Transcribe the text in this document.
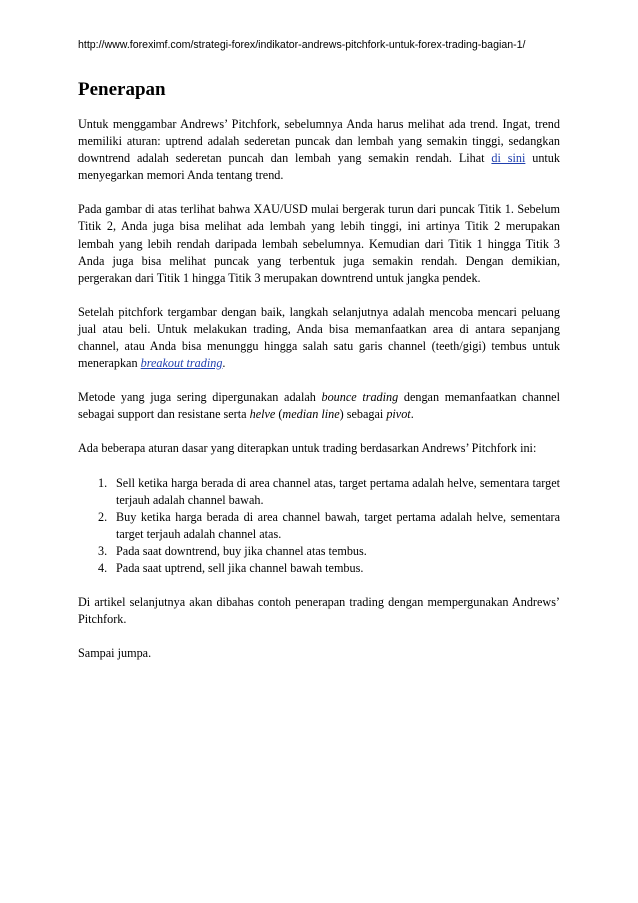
http://www.foreximf.com/strategi-forex/indikator-andrews-pitchfork-untuk-forex-trading-bagian-1/
Penerapan

Untuk menggambar Andrews’ Pitchfork, sebelumnya Anda harus melihat ada trend. Ingat, trend memiliki aturan: uptrend adalah sederetan puncak dan lembah yang semakin tinggi, sedangkan downtrend adalah sederetan puncah dan lembah yang semakin rendah. Lihat di sini untuk menyegarkan memori Anda tentang trend.

Pada gambar di atas terlihat bahwa XAU/USD mulai bergerak turun dari puncak Titik 1. Sebelum Titik 2, Anda juga bisa melihat ada lembah yang lebih tinggi, ini artinya Titik 2 merupakan lembah yang lebih rendah daripada lembah sebelumnya. Kemudian dari Titik 1 hingga Titik 3 Anda juga bisa melihat puncak yang terbentuk juga semakin rendah. Dengan demikian, pergerakan dari Titik 1 hingga Titik 3 merupakan downtrend untuk jangka pendek.

Setelah pitchfork tergambar dengan baik, langkah selanjutnya adalah mencoba mencari peluang jual atau beli. Untuk melakukan trading, Anda bisa memanfaatkan area di antara sepanjang channel, atau Anda bisa menunggu hingga salah satu garis channel (teeth/gigi) tembus untuk menerapkan breakout trading.

Metode yang juga sering dipergunakan adalah bounce trading dengan memanfaatkan channel sebagai support dan resistane serta helve (median line) sebagai pivot.

Ada beberapa aturan dasar yang diterapkan untuk trading berdasarkan Andrews’ Pitchfork ini:

1. Sell ketika harga berada di area channel atas, target pertama adalah helve, sementara target terjauh adalah channel bawah.
2. Buy ketika harga berada di area channel bawah, target pertama adalah helve, sementara target terjauh adalah channel atas.
3. Pada saat downtrend, buy jika channel atas tembus.
4. Pada saat uptrend, sell jika channel bawah tembus.

Di artikel selanjutnya akan dibahas contoh penerapan trading dengan mempergunakan Andrews’ Pitchfork.

Sampai jumpa.
